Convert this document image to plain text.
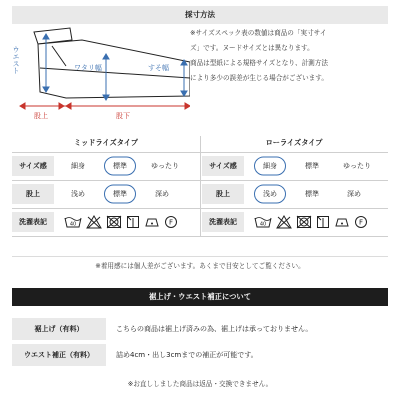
採寸方法
ウエスト	ワタリ幅	すそ幅
股上	股下

※サイズスペック表の数値は商品の「実寸サイ

ズ」です。ヌードサイズとは異なります。

商品は型紙による規格サイズとなり、計測方法

により多少の誤差が生じる場合がございます。

ミッドライズタイプ	ローライズタイプ
サイズ感	細身	標準	ゆったり
股上	浅め	標準	深め
洗濯表記	40	F
サイズ感	細身	標準	ゆったり
股上	浅め	標準	深め
洗濯表記	40	F
※着用感には個人差がございます。あくまで目安としてご覧ください。
裾上げ・ウエスト補正について
裾上げ（有料）	こちらの商品は裾上げ済みの為、裾上げは承っておりません。
ウエスト補正（有料）	詰め4cm・出し3cmまでの補正が可能です。
※お直ししました商品は返品・交換できません。
